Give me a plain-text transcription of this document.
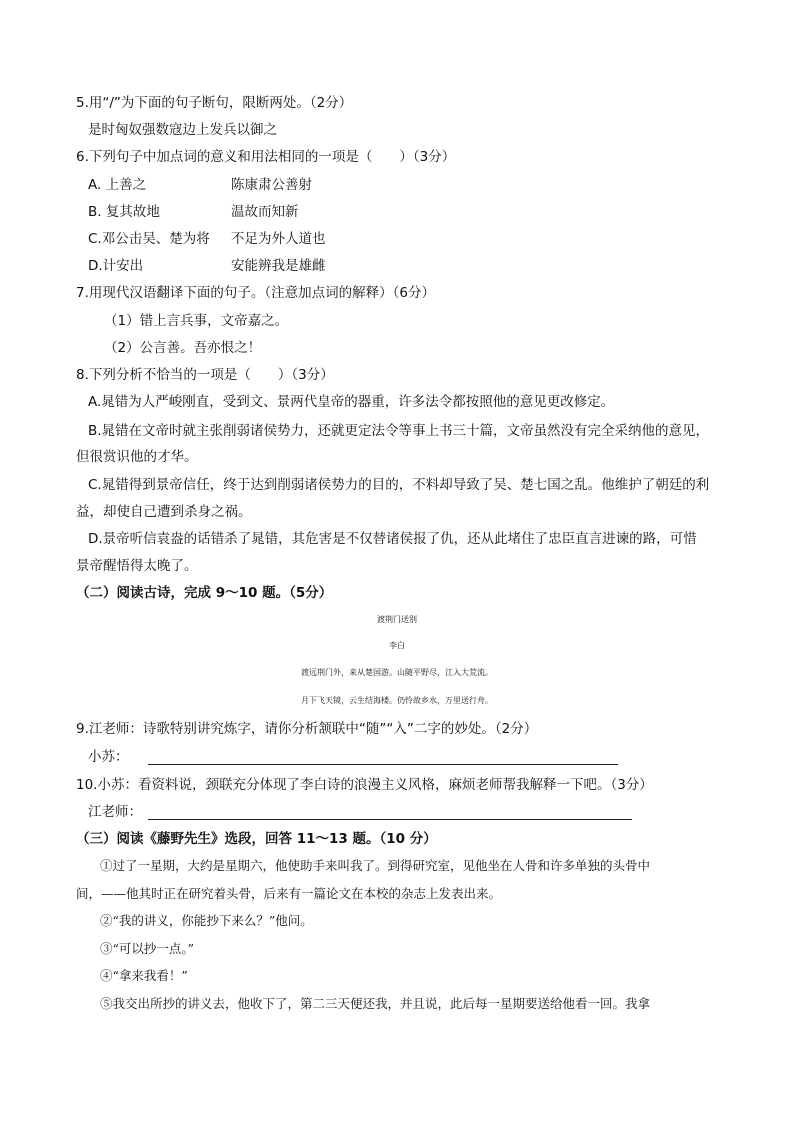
5.用“/”为下面的句子断句，限断两处。（2分）
是时匈奴强数寇边上发兵以御之
6.下列句子中加点词的意义和用法相同的一项是（　　）（3分）
A. 上善之	陈康肃公善射
B. 复其故地	温故而知新
C.邓公击吴、楚为将 不足为外人道也
D.计安出	安能辨我是雄雌
7.用现代汉语翻译下面的句子。（注意加点词的解释）（6分）
（1）错上言兵事，文帝嘉之。
（2）公言善。吾亦恨之！
8.下列分析不恰当的一项是（　　）（3分）
A.晁错为人严峻刚直，受到文、景两代皇帝的器重，许多法令都按照他的意见更改修定。
B.晁错在文帝时就主张削弱诸侯势力，还就更定法令等事上书三十篇，文帝虽然没有完全采纳他的意见，
但很赏识他的才华。
C.晁错得到景帝信任，终于达到削弱诸侯势力的目的，不料却导致了吴、楚七国之乱。他维护了朝廷的利
益，却使自己遭到杀身之祸。
D.景帝听信袁盎的话错杀了晁错，其危害是不仅替诸侯报了仇，还从此堵住了忠臣直言进谏的路，可惜
景帝醒悟得太晚了。
（二）阅读古诗，完成 9～10 题。（5分）
渡荆门送别
李白
渡远荆门外，来从楚国游。山随平野尽，江入大荒流。
月下飞天镜，云生结海楼。仍怜故乡水，万里送行舟。
9.江老师：诗歌特别讲究炼字，请你分析颔联中“随”“入”二字的妙处。（2分）
小苏：
10.小苏：看资料说，颈联充分体现了李白诗的浪漫主义风格，麻烦老师帮我解释一下吧。（3分）
江老师：
（三）阅读《藤野先生》选段，回答 11～13 题。（10 分）
①过了一星期，大约是星期六，他使助手来叫我了。到得研究室，见他坐在人骨和许多单独的头骨中
间，——他其时正在研究着头骨，后来有一篇论文在本校的杂志上发表出来。
②“我的讲义，你能抄下来么？”他问。
③“可以抄一点。”
④“拿来我看！”
⑤我交出所抄的讲义去，他收下了，第二三天便还我，并且说，此后每一星期要送给他看一回。我拿
